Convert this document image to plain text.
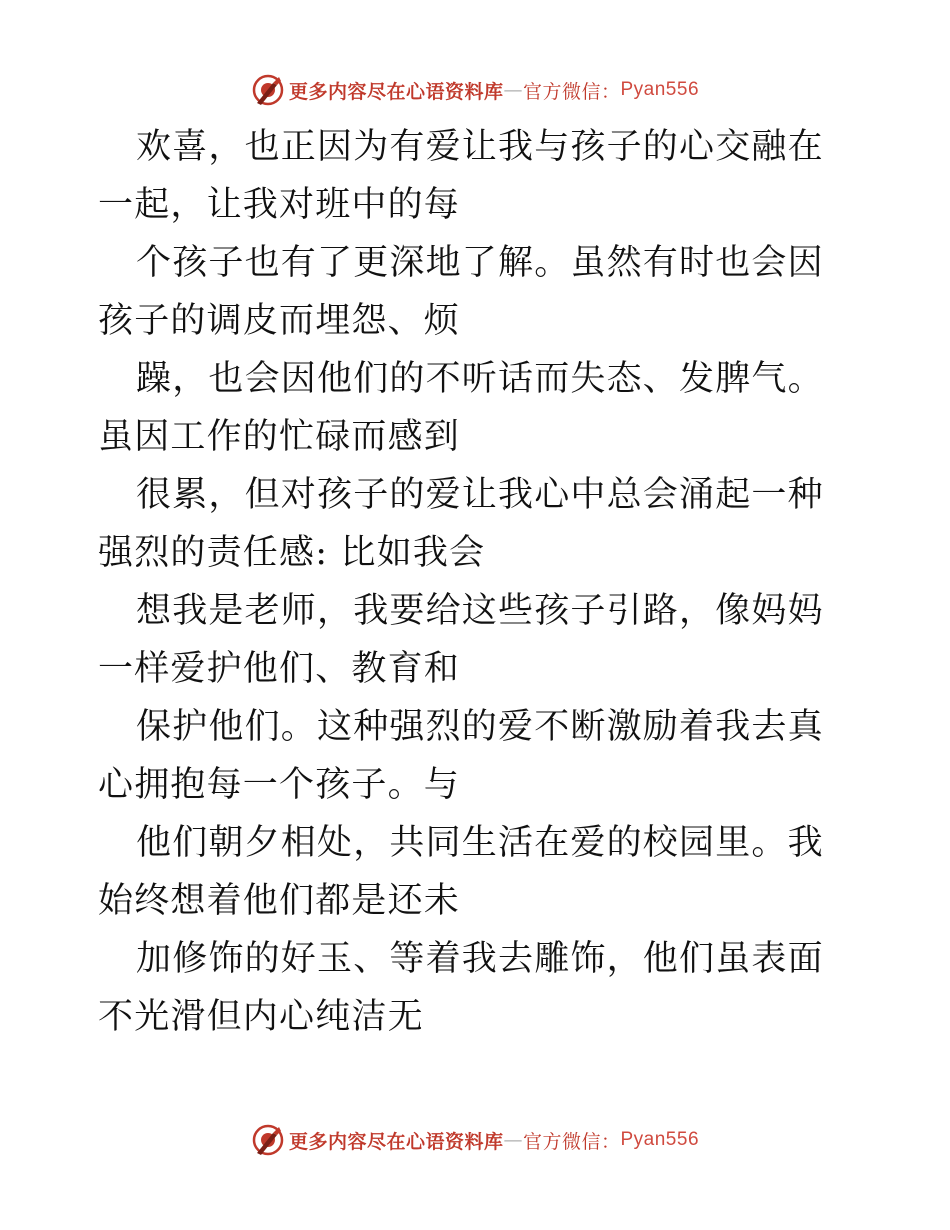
更多内容尽在心语资料库 — 官方微信： Pyan556

欢喜，也正因为有爱让我与孩子的心交融在一起，让我对班中的每

个孩子也有了更深地了解。虽然有时也会因孩子的调皮而埋怨、烦

躁，也会因他们的不听话而失态、发脾气。虽因工作的忙碌而感到

很累，但对孩子的爱让我心中总会涌起一种强烈的责任感: 比如我会

想我是老师，我要给这些孩子引路，像妈妈一样爱护他们、教育和

保护他们。这种强烈的爱不断激励着我去真心拥抱每一个孩子。与

他们朝夕相处，共同生活在爱的校园里。我始终想着他们都是还未

加修饰的好玉、等着我去雕饰，他们虽表面不光滑但内心纯洁无

更多内容尽在心语资料库 — 官方微信： Pyan556
